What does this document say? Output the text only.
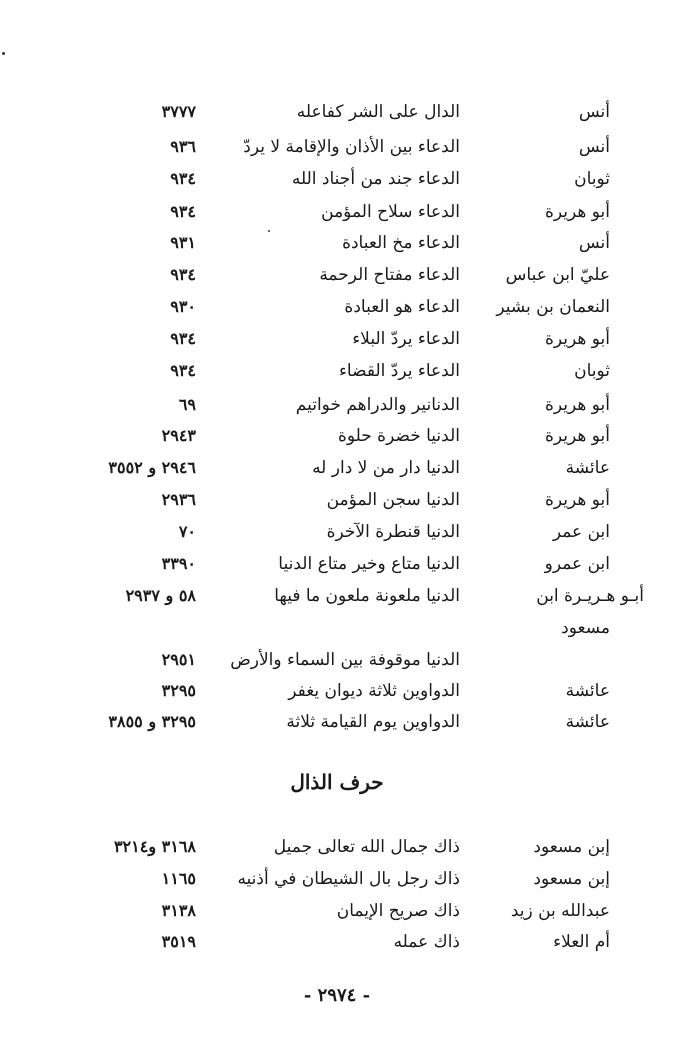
أنس
الدال على الشر كفاعله
٣٧٧٧
أنس
الدعاء بين الأذان والإقامة لا يردّ
٩٣٦
ثوبان
الدعاء جند من أجناد الله
٩٣٤
أبو هريرة
الدعاء سلاح المؤمن
٩٣٤
أنس
الدعاء مخ العبادة
٩٣١
عليّ ابن عباس
الدعاء مفتاح الرحمة
٩٣٤
النعمان بن بشير
الدعاء هو العبادة
٩٣٠
أبو هريرة
الدعاء يردّ البلاء
٩٣٤
ثوبان
الدعاء يردّ القضاء
٩٣٤
أبو هريرة
الدنانير والدراهم خواتيم
٦٩
أبو هريرة
الدنيا خضرة حلوة
٢٩٤٣
عائشة
الدنيا دار من لا دار له
٢٩٤٦ و ٣٥٥٢
أبو هريرة
الدنيا سجن المؤمن
٢٩٣٦
ابن عمر
الدنيا قنطرة الآخرة
٧٠
ابن عمرو
الدنيا متاع وخير متاع الدنيا
٣٣٩٠
أبـو هـريـرة ابن
الدنيا ملعونة ملعون ما فيها
٥٨ و ٢٩٣٧
مسعود
الدنيا موقوفة بين السماء والأرض
٢٩٥١
عائشة
الدواوين ثلاثة ديوان يغفر
٣٢٩٥
عائشة
الدواوين يوم القيامة ثلاثة
٣٢٩٥ و ٣٨٥٥
حرف الذال
إبن مسعود
ذاك جمال الله تعالى جميل
٣١٦٨ و٣٢١٤
إبن مسعود
ذاك رجل بال الشيطان في أذنيه
١١٦٥
عبدالله بن زيد
ذاك صريح الإيمان
٣١٣٨
أم العلاء
ذاك عمله
٣٥١٩
- ٢٩٧٤ -
